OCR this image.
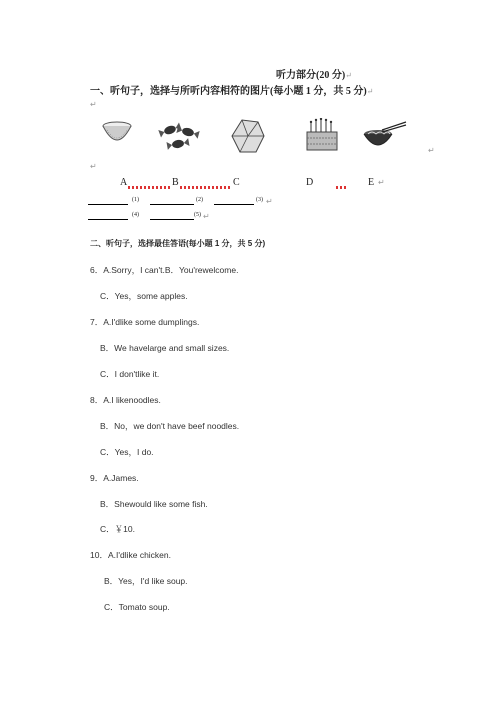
听力部分(20 分)↵
一、听句子，选择与所听内容相符的图片(每小题 1 分，共 5 分)↵
↵
↵
↵
A	B	C	D	E ↵
(1)	(2)	(3) ↵
(4)	(5) ↵
二、听句子，选择最佳答语(每小题 1 分，共 5 分)
6．A.Sorry，I can't.B．You'rewelcome.
C．Yes，some apples.
7．A.I'dlike some dumplings.
B．We havelarge and small sizes.
C．I don'tlike it.
8．A.I likenoodles.
B．No，we don't have beef noodles.
C．Yes，I do.
9．A.James.
B．Shewould like some fish.
C．￥10.
10．A.I'dlike chicken.
B．Yes，I'd like soup.
C．Tomato soup.
